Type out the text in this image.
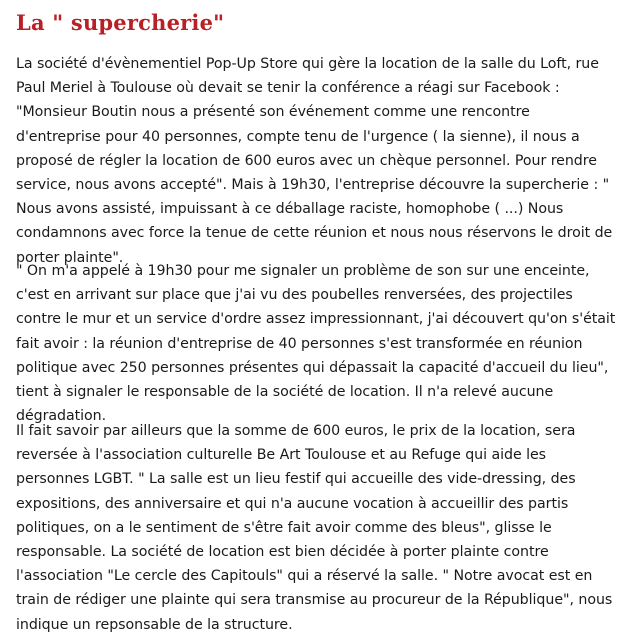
La " supercherie"

La société d'évènementiel Pop-Up Store qui gère la location de la salle du Loft, rue Paul Meriel à Toulouse où devait se tenir la conférence a réagi sur Facebook : "Monsieur Boutin nous a présenté son événement comme une rencontre d'entreprise pour 40 personnes, compte tenu de l'urgence ( la sienne), il nous a proposé de régler la location de 600 euros avec un chèque personnel. Pour rendre service, nous avons accepté". Mais à 19h30, l'entreprise découvre la supercherie : " Nous avons assisté, impuissant à ce déballage raciste, homophobe ( ...) Nous condamnons avec force la tenue de cette réunion et nous nous réservons le droit de porter plainte".

" On m'a appelé à 19h30 pour me signaler un problème de son sur une enceinte, c'est en arrivant sur place que j'ai vu des poubelles renversées, des projectiles contre le mur et un service d'ordre assez impressionnant, j'ai découvert qu'on s'était fait avoir : la réunion d'entreprise de 40 personnes s'est transformée en réunion politique avec 250 personnes présentes qui dépassait la capacité d'accueil du lieu", tient à signaler le responsable de la société de location. Il n'a relevé aucune dégradation.

Il fait savoir par ailleurs que la somme de 600 euros, le prix de la location, sera reversée à l'association culturelle Be Art Toulouse et au Refuge qui aide les personnes LGBT. " La salle est un lieu festif qui accueille des vide-dressing, des expositions, des anniversaire et qui n'a aucune vocation à accueillir des partis politiques, on a le sentiment de s'être fait avoir comme des bleus", glisse le responsable. La société de location est bien décidée à porter plainte contre l'association "Le cercle des Capitouls" qui a réservé la salle. " Notre avocat est en train de rédiger une plainte qui sera transmise au procureur de la République", nous indique un repsonsable de la structure.
